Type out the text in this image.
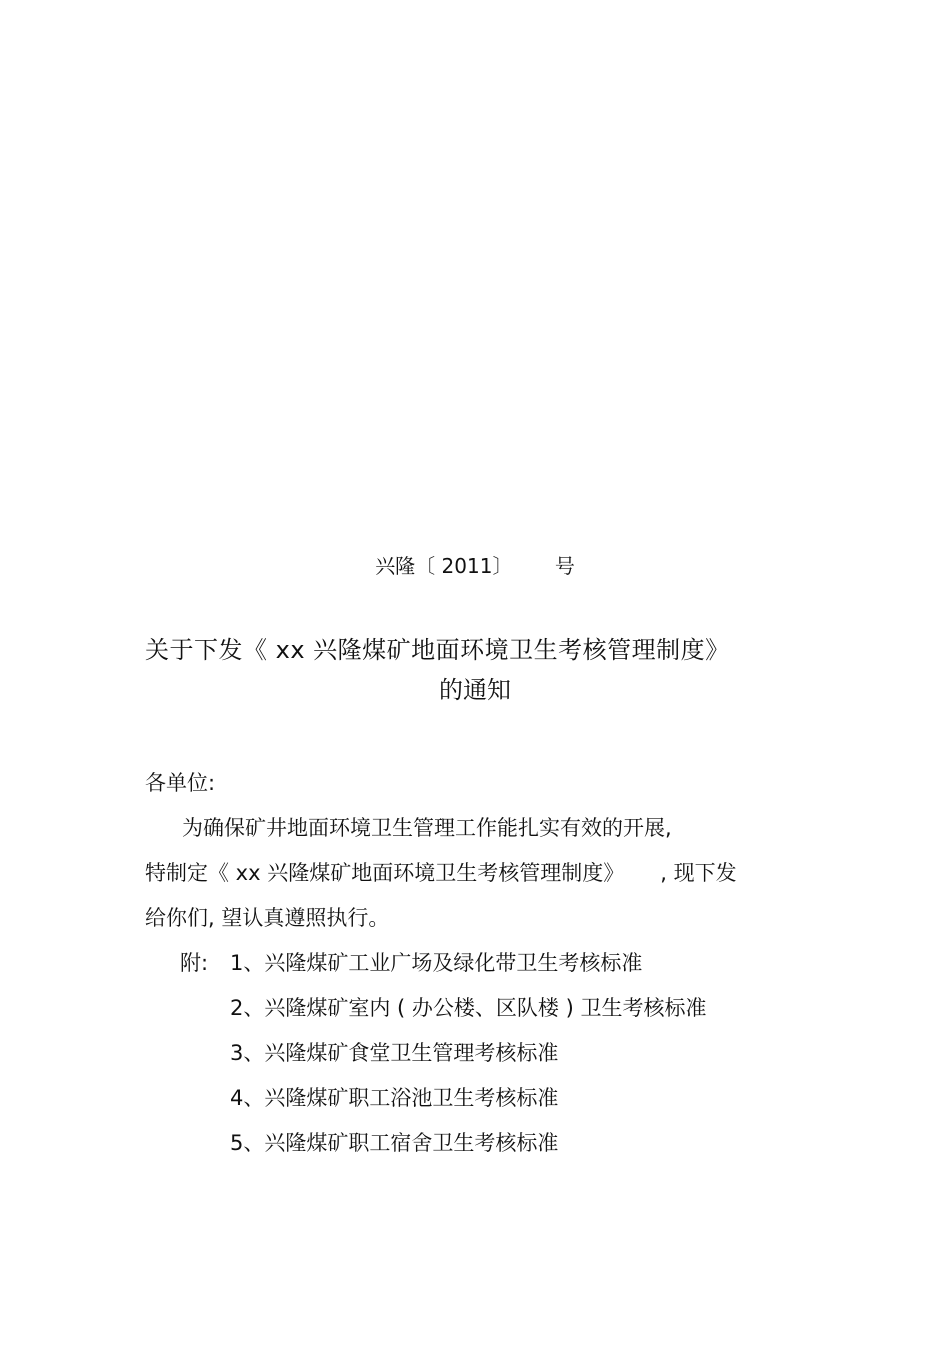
兴隆〔 2011〕 号
关于下发《 xx 兴隆煤矿地面环境卫生考核管理制度》
的通知
各单位:
为确保矿井地面环境卫生管理工作能扎实有效的开展,
特制定《 xx 兴隆煤矿地面环境卫生考核管理制度》 , 现下发
给你们, 望认真遵照执行。
附: 1、兴隆煤矿工业广场及绿化带卫生考核标准
2、兴隆煤矿室内 ( 办公楼、区队楼 ) 卫生考核标准
3、兴隆煤矿食堂卫生管理考核标准
4、兴隆煤矿职工浴池卫生考核标准
5、兴隆煤矿职工宿舍卫生考核标准
